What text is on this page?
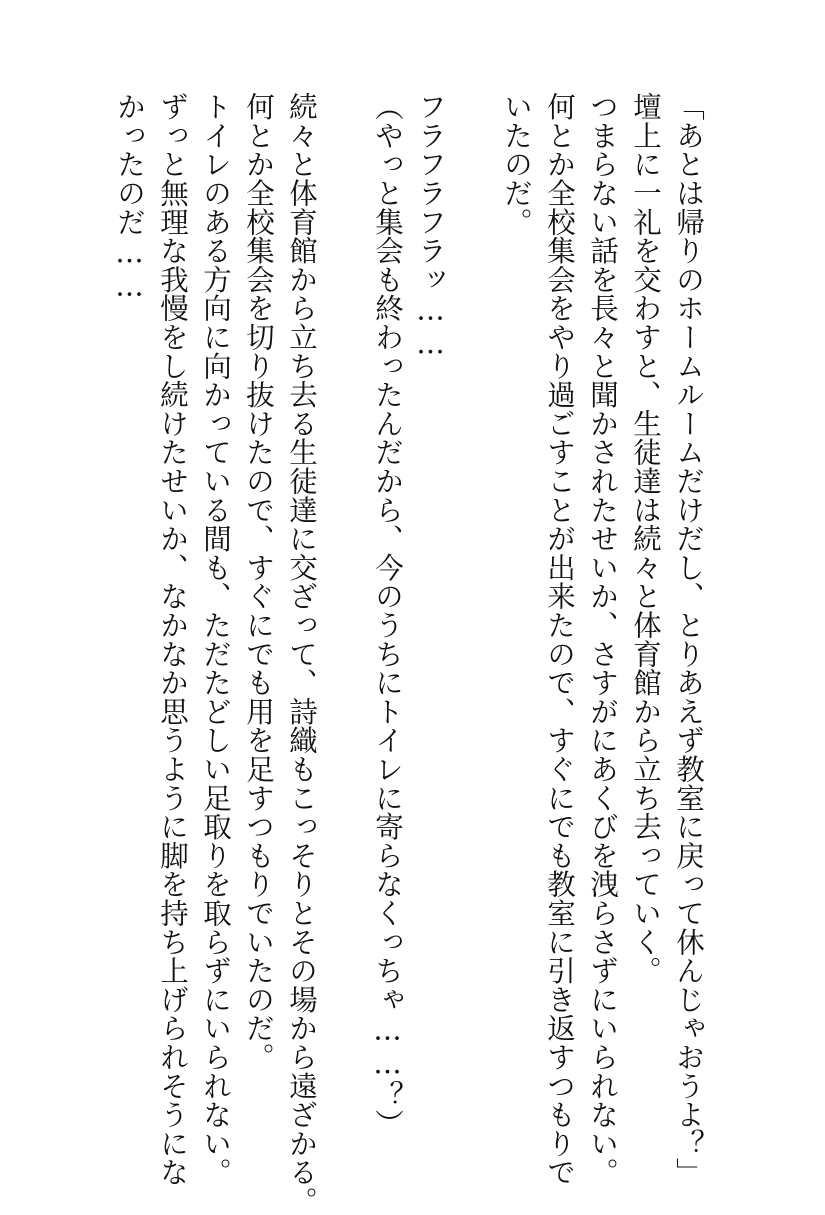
「あとは帰りのホームルームだけだし、とりあえず教室に戻って休んじゃおうよ？」
壇上に一礼を交わすと、生徒達は続々と体育館から立ち去っていく。
つまらない話を長々と聞かされたせいか、さすがにあくびを洩らさずにいられない。
何とか全校集会をやり過ごすことが出来たので、すぐにでも教室に引き返すつもりで
いたのだ。
フラフラフラッ……
（やっと集会も終わったんだから、今のうちにトイレに寄らなくっちゃ……？）
続々と体育館から立ち去る生徒達に交ざって、詩織もこっそりとその場から遠ざかる。
何とか全校集会を切り抜けたので、すぐにでも用を足すつもりでいたのだ。
トイレのある方向に向かっている間も、ただたどしい足取りを取らずにいられない。
ずっと無理な我慢をし続けたせいか、なかなか思うように脚を持ち上げられそうにな
かったのだ……
